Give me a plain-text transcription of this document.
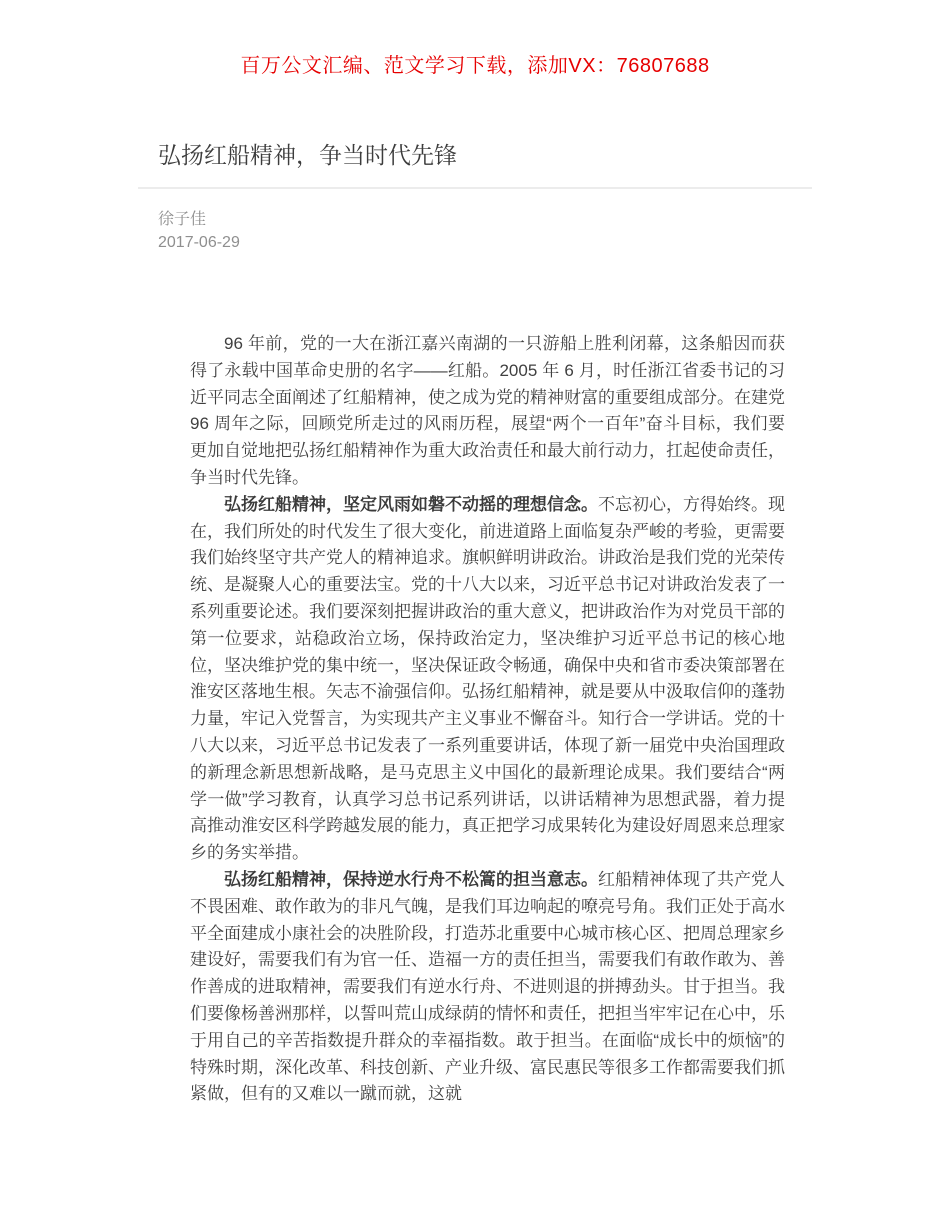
百万公文汇编、范文学习下载，添加VX：76807688
弘扬红船精神，争当时代先锋
徐子佳
2017-06-29

96 年前，党的一大在浙江嘉兴南湖的一只游船上胜利闭幕，这条船因而获得了永载中国革命史册的名字——红船。2005 年 6 月，时任浙江省委书记的习近平同志全面阐述了红船精神，使之成为党的精神财富的重要组成部分。在建党 96 周年之际，回顾党所走过的风雨历程，展望“两个一百年”奋斗目标，我们要更加自觉地把弘扬红船精神作为重大政治责任和最大前行动力，扛起使命责任，争当时代先锋。

弘扬红船精神，坚定风雨如磐不动摇的理想信念。不忘初心，方得始终。现在，我们所处的时代发生了很大变化，前进道路上面临复杂严峻的考验，更需要我们始终坚守共产党人的精神追求。旗帜鲜明讲政治。讲政治是我们党的光荣传统、是凝聚人心的重要法宝。党的十八大以来，习近平总书记对讲政治发表了一系列重要论述。我们要深刻把握讲政治的重大意义，把讲政治作为对党员干部的第一位要求，站稳政治立场，保持政治定力，坚决维护习近平总书记的核心地位，坚决维护党的集中统一，坚决保证政令畅通，确保中央和省市委决策部署在淮安区落地生根。矢志不渝强信仰。弘扬红船精神，就是要从中汲取信仰的蓬勃力量，牢记入党誓言，为实现共产主义事业不懈奋斗。知行合一学讲话。党的十八大以来，习近平总书记发表了一系列重要讲话，体现了新一届党中央治国理政的新理念新思想新战略，是马克思主义中国化的最新理论成果。我们要结合“两学一做”学习教育，认真学习总书记系列讲话，以讲话精神为思想武器，着力提高推动淮安区科学跨越发展的能力，真正把学习成果转化为建设好周恩来总理家乡的务实举措。

弘扬红船精神，保持逆水行舟不松篙的担当意志。红船精神体现了共产党人不畏困难、敢作敢为的非凡气魄，是我们耳边响起的嘹亮号角。我们正处于高水平全面建成小康社会的决胜阶段，打造苏北重要中心城市核心区、把周总理家乡建设好，需要我们有为官一任、造福一方的责任担当，需要我们有敢作敢为、善作善成的进取精神，需要我们有逆水行舟、不进则退的拼搏劲头。甘于担当。我们要像杨善洲那样，以誓叫荒山成绿荫的情怀和责任，把担当牢牢记在心中，乐于用自己的辛苦指数提升群众的幸福指数。敢于担当。在面临“成长中的烦恼”的特殊时期，深化改革、科技创新、产业升级、富民惠民等很多工作都需要我们抓紧做，但有的又难以一蹴而就，这就
